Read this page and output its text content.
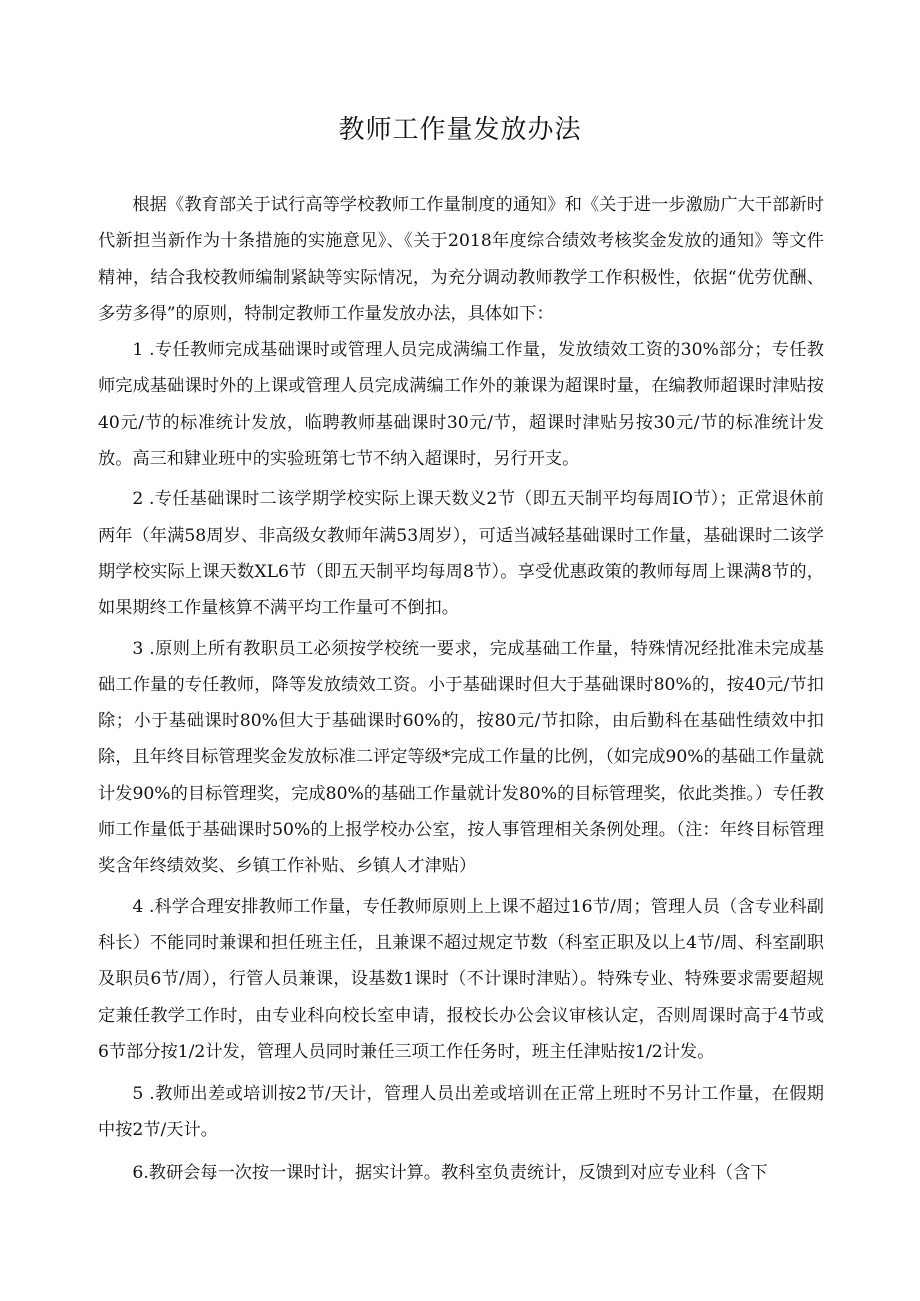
教师工作量发放办法

根据《教育部关于试行高等学校教师工作量制度的通知》和《关于进一步激励广大干部新时代新担当新作为十条措施的实施意见》、《关于2018年度综合绩效考核奖金发放的通知》等文件精神，结合我校教师编制紧缺等实际情况，为充分调动教师教学工作积极性，依据“优劳优酬、多劳多得”的原则，特制定教师工作量发放办法，具体如下：

1 .专任教师完成基础课时或管理人员完成满编工作量，发放绩效工资的30%部分；专任教师完成基础课时外的上课或管理人员完成满编工作外的兼课为超课时量，在编教师超课时津贴按40元/节的标准统计发放，临聘教师基础课时30元/节，超课时津贴另按30元/节的标准统计发放。高三和肄业班中的实验班第七节不纳入超课时，另行开支。

2 .专任基础课时二该学期学校实际上课天数义2节（即五天制平均每周IO节）；正常退休前两年（年满58周岁、非高级女教师年满53周岁），可适当减轻基础课时工作量，基础课时二该学期学校实际上课天数XL6节（即五天制平均每周8节）。享受优惠政策的教师每周上课满8节的，如果期终工作量核算不满平均工作量可不倒扣。

3 .原则上所有教职员工必须按学校统一要求，完成基础工作量，特殊情况经批准未完成基础工作量的专任教师，降等发放绩效工资。小于基础课时但大于基础课时80%的，按40元/节扣除；小于基础课时80%但大于基础课时60%的，按80元/节扣除，由后勤科在基础性绩效中扣除，且年终目标管理奖金发放标准二评定等级*完成工作量的比例，（如完成90%的基础工作量就计发90%的目标管理奖，完成80%的基础工作量就计发80%的目标管理奖，依此类推。）专任教师工作量低于基础课时50%的上报学校办公室，按人事管理相关条例处理。（注：年终目标管理奖含年终绩效奖、乡镇工作补贴、乡镇人才津贴）

4 .科学合理安排教师工作量，专任教师原则上上课不超过16节/周；管理人员（含专业科副科长）不能同时兼课和担任班主任，且兼课不超过规定节数（科室正职及以上4节/周、科室副职及职员6节/周），行管人员兼课，设基数1课时（不计课时津贴）。特殊专业、特殊要求需要超规定兼任教学工作时，由专业科向校长室申请，报校长办公会议审核认定，否则周课时高于4节或6节部分按1/2计发，管理人员同时兼任三项工作任务时，班主任津贴按1/2计发。

5 .教师出差或培训按2节/天计，管理人员出差或培训在正常上班时不另计工作量，在假期中按2节/天计。

6.教研会每一次按一课时计，据实计算。教科室负责统计，反馈到对应专业科（含下
